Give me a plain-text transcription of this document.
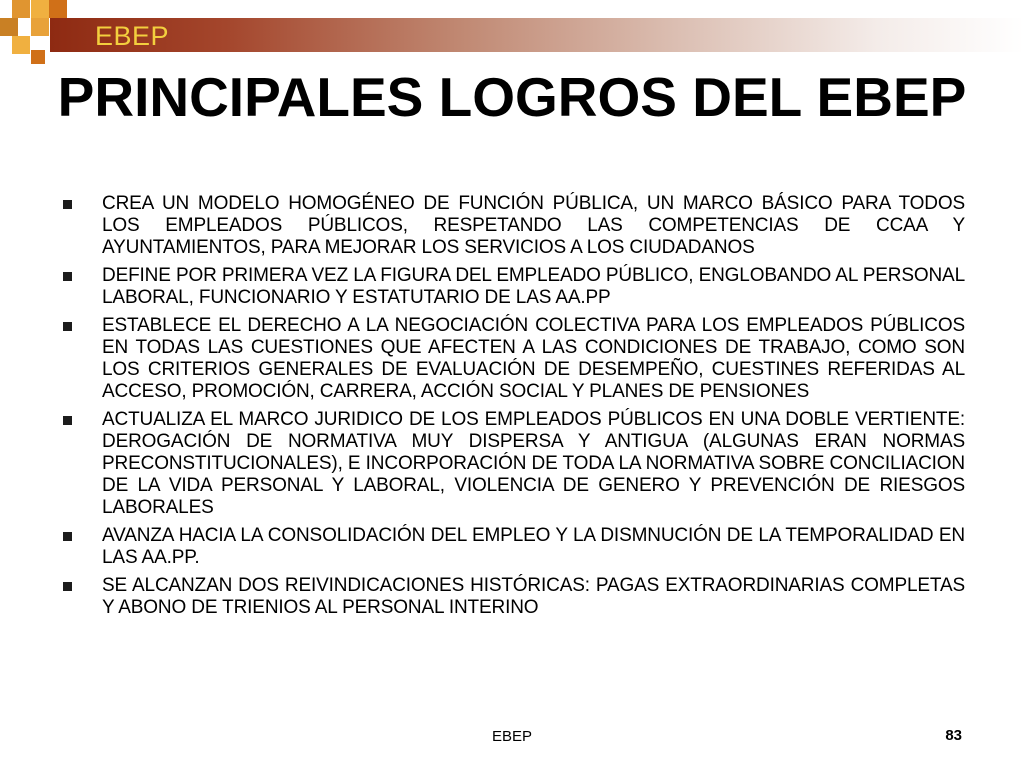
EBEP
PRINCIPALES LOGROS DEL EBEP
CREA UN MODELO HOMOGÉNEO DE FUNCIÓN PÚBLICA, UN MARCO BÁSICO PARA TODOS LOS EMPLEADOS PÚBLICOS, RESPETANDO LAS COMPETENCIAS DE CCAA Y AYUNTAMIENTOS, PARA MEJORAR LOS SERVICIOS A LOS CIUDADANOS
DEFINE POR PRIMERA VEZ LA FIGURA DEL EMPLEADO PÚBLICO, ENGLOBANDO AL PERSONAL LABORAL, FUNCIONARIO Y ESTATUTARIO DE LAS AA.PP
ESTABLECE EL DERECHO A LA NEGOCIACIÓN COLECTIVA PARA LOS EMPLEADOS PÚBLICOS EN TODAS LAS CUESTIONES QUE AFECTEN A LAS CONDICIONES DE TRABAJO, COMO SON LOS CRITERIOS GENERALES DE EVALUACIÓN DE DESEMPEÑO, CUESTINES REFERIDAS AL ACCESO, PROMOCIÓN, CARRERA, ACCIÓN SOCIAL Y PLANES DE PENSIONES
ACTUALIZA EL MARCO JURIDICO DE LOS EMPLEADOS PÚBLICOS EN UNA DOBLE VERTIENTE: DEROGACIÓN DE NORMATIVA MUY DISPERSA Y ANTIGUA (ALGUNAS ERAN NORMAS PRECONSTITUCIONALES), E INCORPORACIÓN DE TODA LA NORMATIVA SOBRE CONCILIACION DE LA VIDA PERSONAL Y LABORAL, VIOLENCIA DE GENERO Y PREVENCIÓN DE RIESGOS LABORALES
AVANZA HACIA LA CONSOLIDACIÓN DEL EMPLEO Y LA DISMNUCIÓN DE LA TEMPORALIDAD EN LAS AA.PP.
SE ALCANZAN DOS REIVINDICACIONES HISTÓRICAS: PAGAS EXTRAORDINARIAS COMPLETAS Y ABONO DE TRIENIOS AL PERSONAL INTERINO
EBEP	83
